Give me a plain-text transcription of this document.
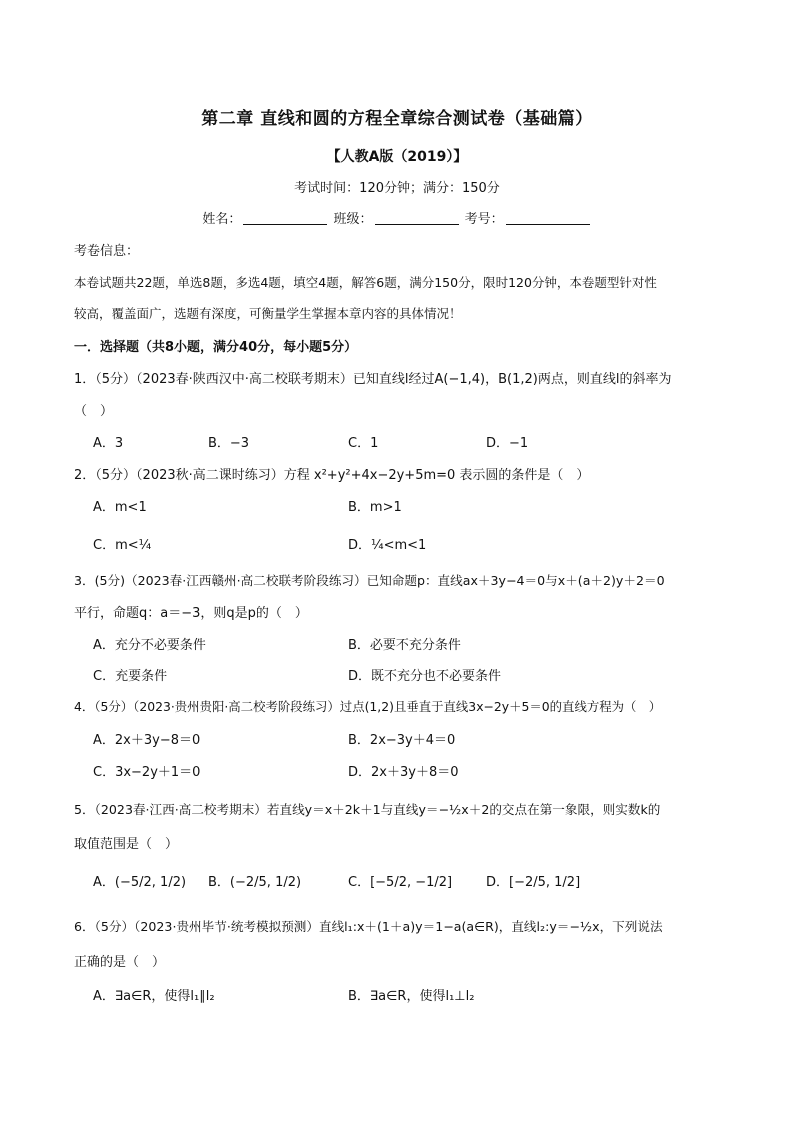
第二章 直线和圆的方程全章综合测试卷（基础篇）
【人教A版（2019）】
考试时间：120分钟；满分：150分
姓名：	班级：	考号：
考卷信息：
本卷试题共22题，单选8题，多选4题，填空4题，解答6题，满分150分，限时120分钟，本卷题型针对性
较高，覆盖面广，选题有深度，可衡量学生掌握本章内容的具体情况！
一．选择题（共8小题，满分40分，每小题5分）
1．（5分）（2023春·陕西汉中·高二校联考期末）已知直线l经过A(−1,4)，B(1,2)两点，则直线l的斜率为
（　）
A．3	B．−3	C．1	D．−1
2．（5分）（2023秋·高二课时练习）方程 x²+y²+4x−2y+5m=0 表示圆的条件是（　）
A．m<1	B．m>1
C．m<¼	D．¼<m<1
3．(5分)（2023春·江西赣州·高二校联考阶段练习）已知命题p：直线ax＋3y−4＝0与x＋(a＋2)y＋2＝0
平行，命题q：a＝−3，则q是p的（　）
A．充分不必要条件	B．必要不充分条件
C．充要条件	D．既不充分也不必要条件
4．（5分）（2023·贵州贵阳·高二校考阶段练习）过点(1,2)且垂直于直线3x−2y＋5＝0的直线方程为（　）
A．2x＋3y−8＝0	B．2x−3y＋4＝0
C．3x−2y＋1＝0	D．2x＋3y＋8＝0
5．（2023春·江西·高二校考期末）若直线y＝x＋2k＋1与直线y＝−½x＋2的交点在第一象限，则实数k的
取值范围是（　）
A．(−5/2, 1/2) B．(−2/5, 1/2)	C．[−5/2, −1/2]	D．[−2/5, 1/2]
6．（5分）（2023·贵州毕节·统考模拟预测）直线l₁:x＋(1＋a)y＝1−a(a∈R)，直线l₂:y＝−½x，下列说法
正确的是（　）
A．∃a∈R，使得l₁∥l₂	B．∃a∈R，使得l₁⊥l₂
